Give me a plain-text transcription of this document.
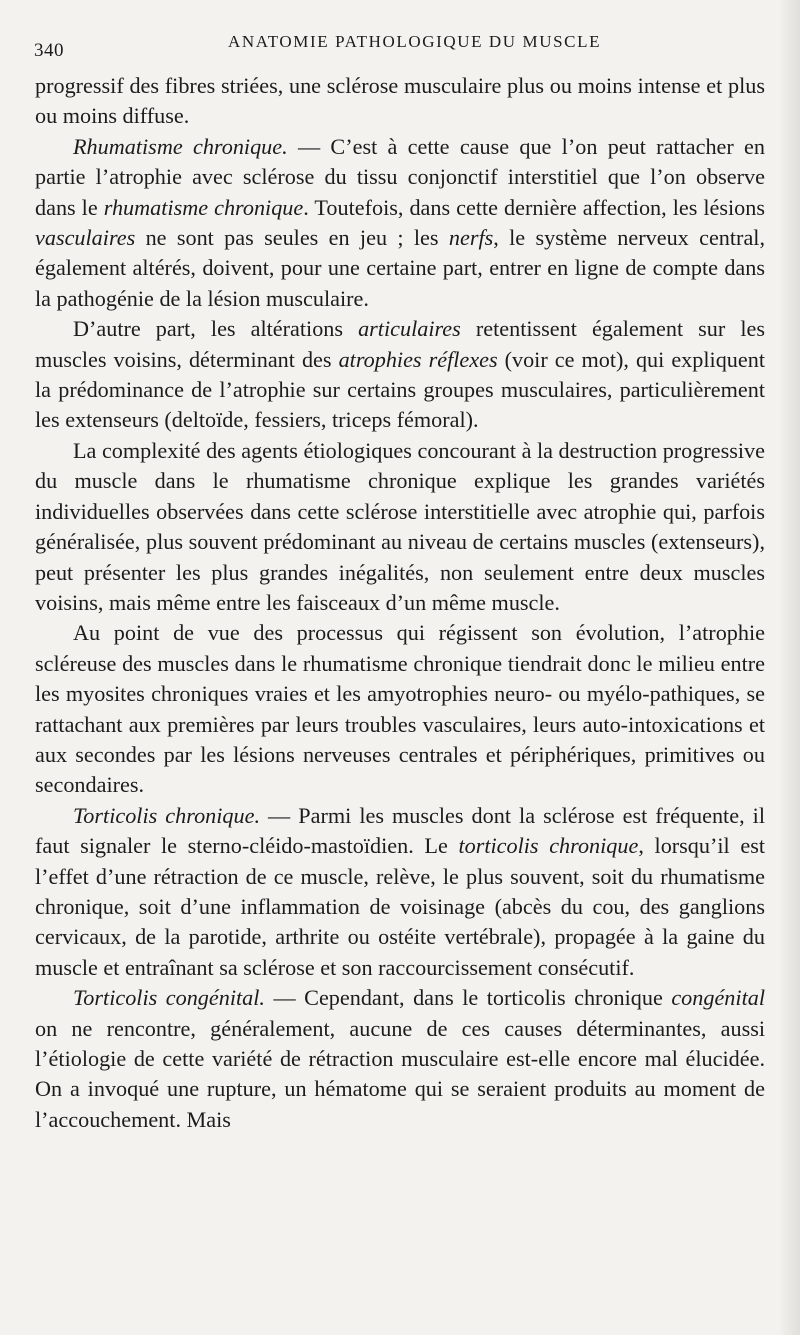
340	ANATOMIE PATHOLOGIQUE DU MUSCLE

progressif des fibres striées, une sclérose musculaire plus ou moins intense et plus ou moins diffuse.

Rhumatisme chronique. — C’est à cette cause que l’on peut rattacher en partie l’atrophie avec sclérose du tissu conjonctif interstitiel que l’on observe dans le rhumatisme chronique. Toutefois, dans cette dernière affection, les lésions vasculaires ne sont pas seules en jeu ; les nerfs, le système nerveux central, également altérés, doivent, pour une certaine part, entrer en ligne de compte dans la pathogénie de la lésion musculaire.

D’autre part, les altérations articulaires retentissent également sur les muscles voisins, déterminant des atrophies réflexes (voir ce mot), qui expliquent la prédominance de l’atrophie sur certains groupes musculaires, particulièrement les extenseurs (deltoïde, fessiers, triceps fémoral).

La complexité des agents étiologiques concourant à la destruction progressive du muscle dans le rhumatisme chronique explique les grandes variétés individuelles observées dans cette sclérose interstitielle avec atrophie qui, parfois généralisée, plus souvent prédominant au niveau de certains muscles (extenseurs), peut présenter les plus grandes inégalités, non seulement entre deux muscles voisins, mais même entre les faisceaux d’un même muscle.

Au point de vue des processus qui régissent son évolution, l’atrophie scléreuse des muscles dans le rhumatisme chronique tiendrait donc le milieu entre les myosites chroniques vraies et les amyotrophies neuro- ou myélo-pathiques, se rattachant aux premières par leurs troubles vasculaires, leurs auto-intoxications et aux secondes par les lésions nerveuses centrales et périphériques, primitives ou secondaires.

Torticolis chronique. — Parmi les muscles dont la sclérose est fréquente, il faut signaler le sterno-cléido-mastoïdien. Le torticolis chronique, lorsqu’il est l’effet d’une rétraction de ce muscle, relève, le plus souvent, soit du rhumatisme chronique, soit d’une inflammation de voisinage (abcès du cou, des ganglions cervicaux, de la parotide, arthrite ou ostéite vertébrale), propagée à la gaine du muscle et entraînant sa sclérose et son raccourcissement consécutif.

Torticolis congénital. — Cependant, dans le torticolis chronique congénital on ne rencontre, généralement, aucune de ces causes déterminantes, aussi l’étiologie de cette variété de rétraction musculaire est-elle encore mal élucidée. On a invoqué une rupture, un hématome qui se seraient produits au moment de l’accouchement. Mais
